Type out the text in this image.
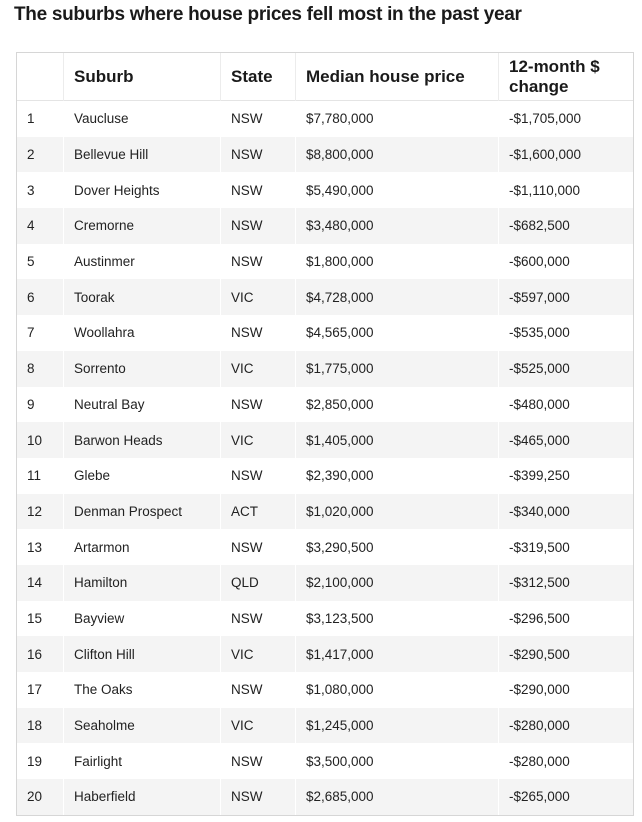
The suburbs where house prices fell most in the past year
	Suburb	State	Median house price	12-month $ change
1	Vaucluse	NSW	$7,780,000	-$1,705,000
2	Bellevue Hill	NSW	$8,800,000	-$1,600,000
3	Dover Heights	NSW	$5,490,000	-$1,110,000
4	Cremorne	NSW	$3,480,000	-$682,500
5	Austinmer	NSW	$1,800,000	-$600,000
6	Toorak	VIC	$4,728,000	-$597,000
7	Woollahra	NSW	$4,565,000	-$535,000
8	Sorrento	VIC	$1,775,000	-$525,000
9	Neutral Bay	NSW	$2,850,000	-$480,000
10	Barwon Heads	VIC	$1,405,000	-$465,000
11	Glebe	NSW	$2,390,000	-$399,250
12	Denman Prospect	ACT	$1,020,000	-$340,000
13	Artarmon	NSW	$3,290,500	-$319,500
14	Hamilton	QLD	$2,100,000	-$312,500
15	Bayview	NSW	$3,123,500	-$296,500
16	Clifton Hill	VIC	$1,417,000	-$290,500
17	The Oaks	NSW	$1,080,000	-$290,000
18	Seaholme	VIC	$1,245,000	-$280,000
19	Fairlight	NSW	$3,500,000	-$280,000
20	Haberfield	NSW	$2,685,000	-$265,000
